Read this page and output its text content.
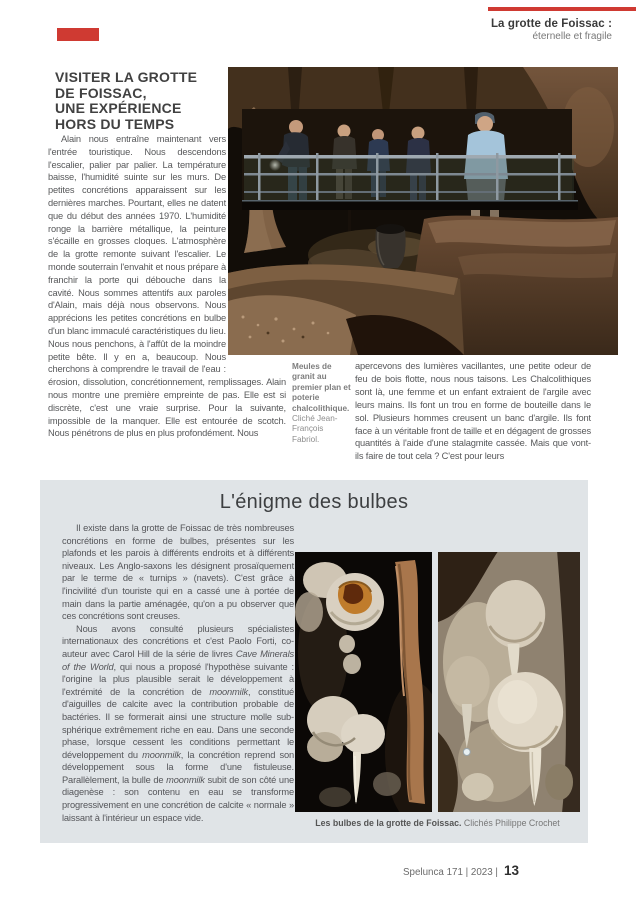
La grotte de Foissac :
éternelle et fragile
VISITER LA GROTTE
DE FOISSAC,
UNE EXPÉRIENCE
HORS DU TEMPS

Alain nous entraîne maintenant vers l'entrée touristique. Nous descendons l'escalier, palier par palier. La température baisse, l'humidité suinte sur les murs. De petites concrétions apparaissent sur les dernières marches. Pourtant, elles ne datent que du début des années 1970. L'humidité ronge la barrière métallique, la peinture s'écaille en grosses cloques. L'atmosphère de la grotte remonte suivant l'escalier. Le monde souterrain l'envahit et nous prépare à franchir la porte qui débouche dans la cavité. Nous sommes attentifs aux paroles d'Alain, mais déjà nous observons. Nous apprécions les petites concrétions en bulbe d'un blanc immaculé caractéristiques du lieu. Nous nous penchons, à l'affût de la moindre petite bête. Il y en a, beaucoup. Nous cherchons à comprendre le travail de l'eau : érosion, dissolution, concrétionnement, remplissages. Alain nous montre une première empreinte de pas. Elle est si discrète, c'est une vraie surprise. Pour la suivante, impossible de la manquer. Elle est entourée de scotch. Nous pénétrons de plus en plus profondément. Nous

Meules de granit au premier plan et poterie chalcolithique. Cliché Jean-François Fabriol.

apercevons des lumières vacillantes, une petite odeur de feu de bois flotte, nous nous taisons. Les Chalcolithiques sont là, une femme et un enfant extraient de l'argile avec leurs mains. Ils font un trou en forme de bouteille dans le sol. Plusieurs hommes creusent un banc d'argile. Ils font face à un véritable front de taille et en dégagent de grosses quantités à l'aide d'une stalagmite cassée. Mais que vont-ils faire de tout cela ? C'est pour leurs

L'énigme des bulbes

Il existe dans la grotte de Foissac de très nombreuses concrétions en forme de bulbes, présentes sur les plafonds et les parois à différents endroits et à différents niveaux. Les Anglo-saxons les désignent prosaïquement par le terme de « turnips » (navets). C'est grâce à l'incivilité d'un touriste qui en a cassé une à portée de main dans la partie aménagée, qu'on a pu observer que ces concrétions sont creuses.

Nous avons consulté plusieurs spécialistes internationaux des concrétions et c'est Paolo Forti, co-auteur avec Carol Hill de la série de livres Cave Minerals of the World, qui nous a proposé l'hypothèse suivante : l'origine la plus plausible serait le développement à l'extrémité de la concrétion de moonmilk, constitué d'aiguilles de calcite avec la contribution probable de bactéries. Il se formerait ainsi une structure molle sub-sphérique extrêmement riche en eau. Dans une seconde phase, lorsque cessent les conditions permettant le développement du moonmilk, la concrétion reprend son développement sous la forme d'une fistuleuse. Parallèlement, la bulle de moonmilk subit de son côté une diagenèse : son contenu en eau se transforme progressivement en une concrétion de calcite « normale » laissant à l'intérieur un espace vide.

Les bulbes de la grotte de Foissac. Clichés Philippe Crochet
Spelunca 171 | 2023 | 13
